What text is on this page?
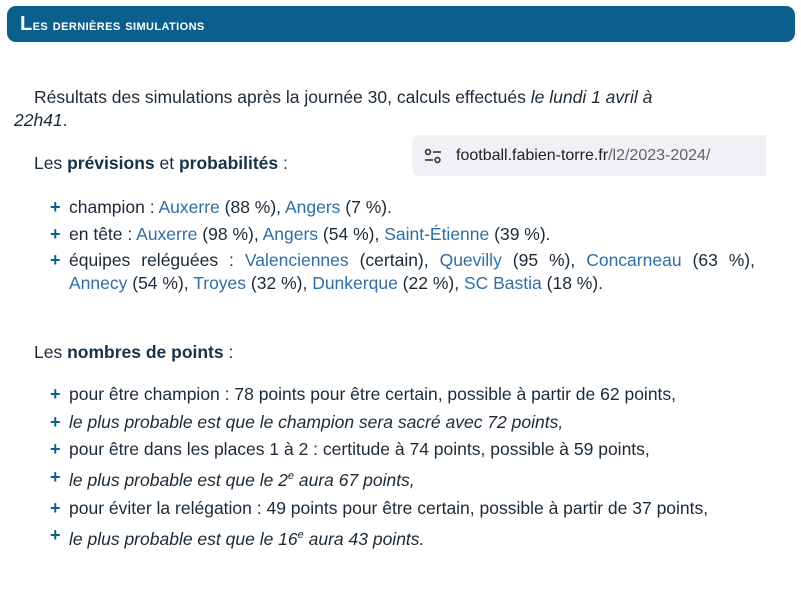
Les dernières simulations

Résultats des simulations après la journée 30, calculs effectués le lundi 1 avril à
22h41.

Les prévisions et probabilités :	football.fabien-torre.fr /l2/2023-2024/
+ champion : Auxerre (88 %), Angers (7 %).
+ en tête : Auxerre (98 %), Angers (54 %), Saint-Étienne (39 %).
+ équipes reléguées : Valenciennes (certain), Quevilly (95 %), Concarneau (63 %), Annecy (54 %), Troyes (32 %), Dunkerque (22 %), SC Bastia (18 %).
Les nombres de points :
+ pour être champion : 78 points pour être certain, possible à partir de 62 points,
+ le plus probable est que le champion sera sacré avec 72 points,
+ pour être dans les places 1 à 2 : certitude à 74 points, possible à 59 points,
+ le plus probable est que le 2e aura 67 points,
+ pour éviter la relégation : 49 points pour être certain, possible à partir de 37 points,
+ le plus probable est que le 16e aura 43 points.
